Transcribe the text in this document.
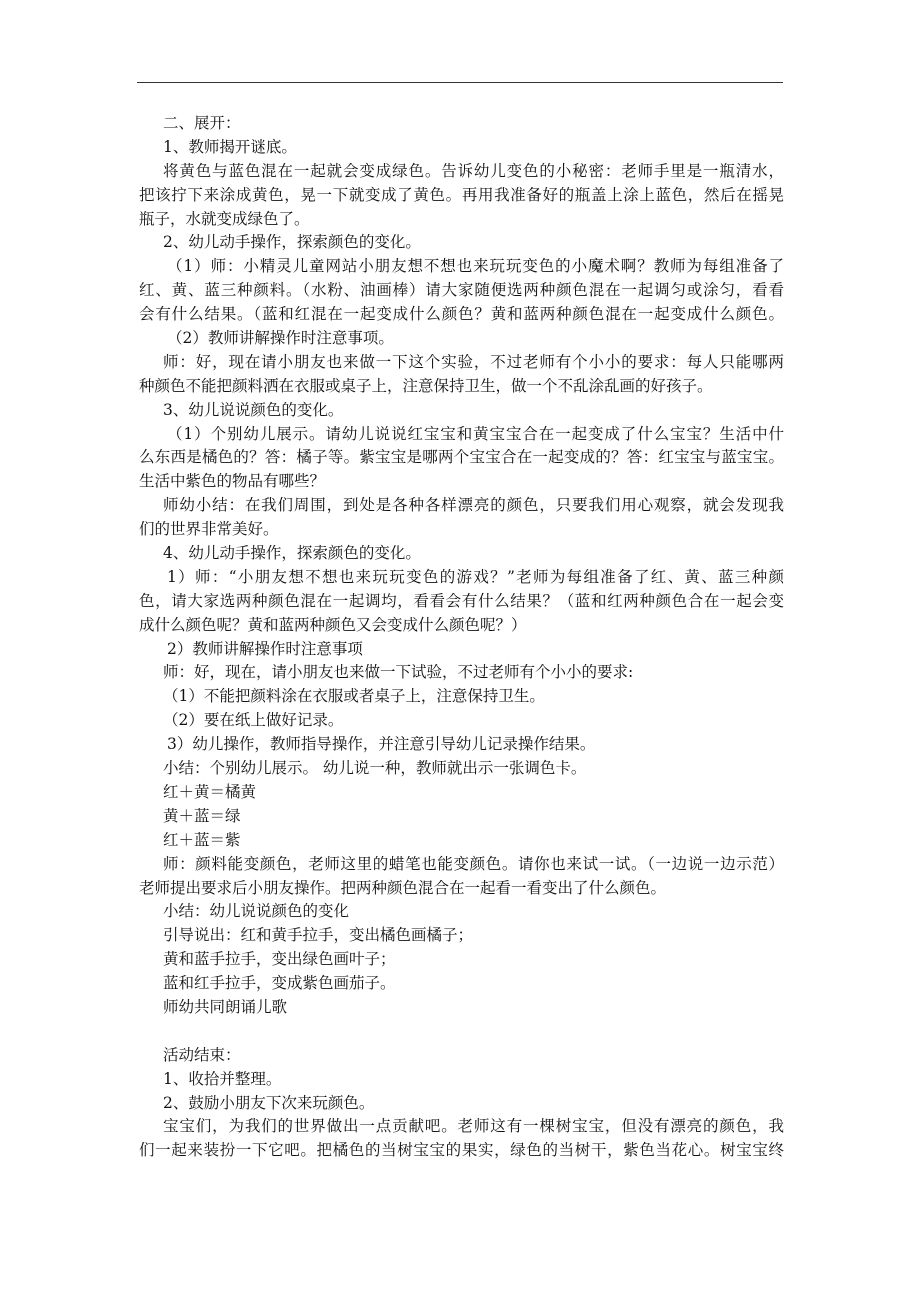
二、展开：
1、教师揭开谜底。
将黄色与蓝色混在一起就会变成绿色。告诉幼儿变色的小秘密：老师手里是一瓶清水，
把该拧下来涂成黄色，晃一下就变成了黄色。再用我准备好的瓶盖上涂上蓝色，然后在摇晃
瓶子，水就变成绿色了。
2、幼儿动手操作，探索颜色的变化。
（1）师：小精灵儿童网站小朋友想不想也来玩玩变色的小魔术啊？教师为每组准备了
红、黄、蓝三种颜料。（水粉、油画棒）请大家随便选两种颜色混在一起调匀或涂匀，看看
会有什么结果。（蓝和红混在一起变成什么颜色？黄和蓝两种颜色混在一起变成什么颜色。
（2）教师讲解操作时注意事项。
师：好，现在请小朋友也来做一下这个实验，不过老师有个小小的要求：每人只能哪两
种颜色不能把颜料洒在衣服或桌子上，注意保持卫生，做一个不乱涂乱画的好孩子。
3、幼儿说说颜色的变化。
（1）个别幼儿展示。请幼儿说说红宝宝和黄宝宝合在一起变成了什么宝宝？生活中什
么东西是橘色的？答：橘子等。紫宝宝是哪两个宝宝合在一起变成的？答：红宝宝与蓝宝宝。
生活中紫色的物品有哪些？
师幼小结：在我们周围，到处是各种各样漂亮的颜色，只要我们用心观察，就会发现我
们的世界非常美好。
4、幼儿动手操作，探索颜色的变化。
1）师：“小朋友想不想也来玩玩变色的游戏？”老师为每组准备了红、黄、蓝三种颜
色，请大家选两种颜色混在一起调均，看看会有什么结果？（蓝和红两种颜色合在一起会变
成什么颜色呢？黄和蓝两种颜色又会变成什么颜色呢？）
2）教师讲解操作时注意事项
师：好，现在，请小朋友也来做一下试验，不过老师有个小小的要求:
（1）不能把颜料涂在衣服或者桌子上，注意保持卫生。
（2）要在纸上做好记录。
3）幼儿操作，教师指导操作，并注意引导幼儿记录操作结果。
小结：个别幼儿展示。 幼儿说一种，教师就出示一张调色卡。
红＋黄＝橘黄
黄＋蓝＝绿
红＋蓝＝紫
师：颜料能变颜色，老师这里的蜡笔也能变颜色。请你也来试一试。（一边说一边示范）
老师提出要求后小朋友操作。把两种颜色混合在一起看一看变出了什么颜色。
小结：幼儿说说颜色的变化
引导说出：红和黄手拉手，变出橘色画橘子；
黄和蓝手拉手，变出绿色画叶子；
蓝和红手拉手，变成紫色画茄子。
师幼共同朗诵儿歌
活动结束：
1、收拾并整理。
2、鼓励小朋友下次来玩颜色。
宝宝们，为我们的世界做出一点贡献吧。老师这有一棵树宝宝，但没有漂亮的颜色，我
们一起来装扮一下它吧。把橘色的当树宝宝的果实，绿色的当树干，紫色当花心。树宝宝终
